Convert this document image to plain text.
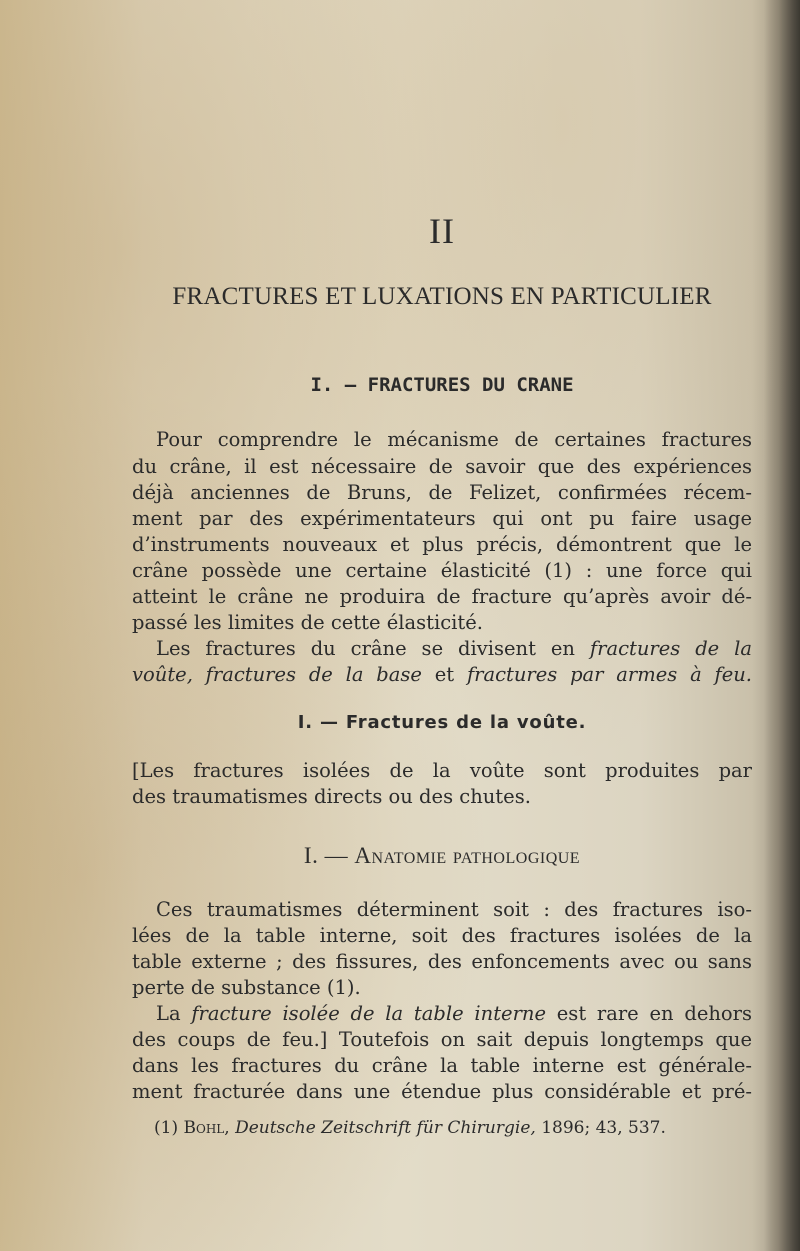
II
FRACTURES ET LUXATIONS EN PARTICULIER
I. — FRACTURES DU CRANE
Pour comprendre le mécanisme de certaines fractures
du crâne, il est nécessaire de savoir que des expériences
déjà anciennes de Bruns, de Felizet, confirmées récem-
ment par des expérimentateurs qui ont pu faire usage
d’instruments nouveaux et plus précis, démontrent que le
crâne possède une certaine élasticité (1) : une force qui
atteint le crâne ne produira de fracture qu’après avoir dé-
passé les limites de cette élasticité.
Les fractures du crâne se divisent en fractures de la
voûte, fractures de la base et fractures par armes à feu.
I. — Fractures de la voûte.
[Les fractures isolées de la voûte sont produites par
des traumatismes directs ou des chutes.
I. — Anatomie pathologique
Ces traumatismes déterminent soit : des fractures iso-
lées de la table interne, soit des fractures isolées de la
table externe ; des fissures, des enfoncements avec ou sans
perte de substance (1).
La fracture isolée de la table interne est rare en dehors
des coups de feu.] Toutefois on sait depuis longtemps que
dans les fractures du crâne la table interne est générale-
ment fracturée dans une étendue plus considérable et pré-
(1) Bohl, Deutsche Zeitschrift für Chirurgie, 1896; 43, 537.
